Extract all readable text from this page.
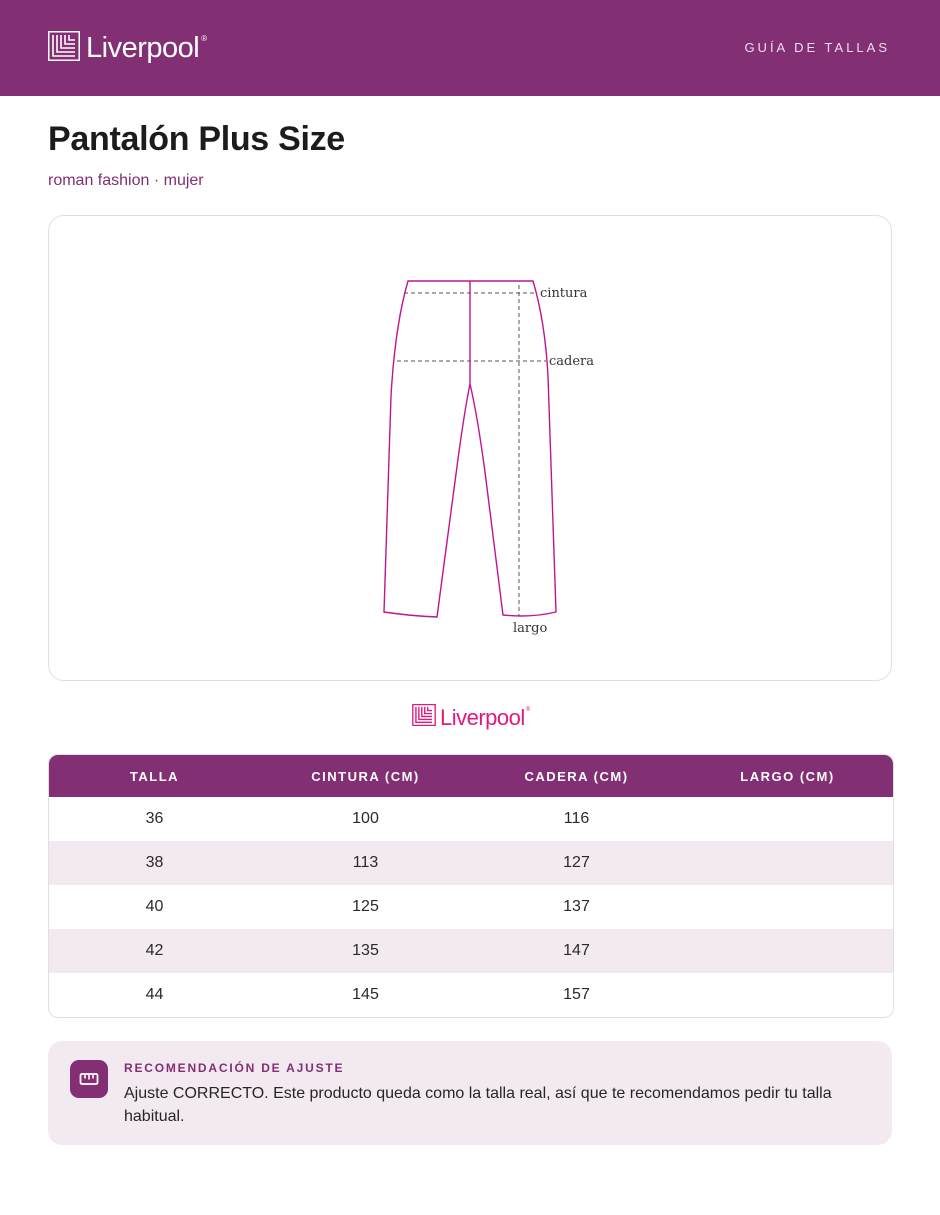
Liverpool ®
GUÍA DE TALLAS
Pantalón Plus Size
roman fashion · mujer
cintura
cadera
largo
Liverpool ®
TALLA	CINTURA (CM)	CADERA (CM)	LARGO (CM)
36	100	116
38	113	127
40	125	137
42	135	147
44	145	157
RECOMENDACIÓN DE AJUSTE
Ajuste CORRECTO. Este producto queda como la talla real, así que te recomendamos pedir tu talla habitual.
